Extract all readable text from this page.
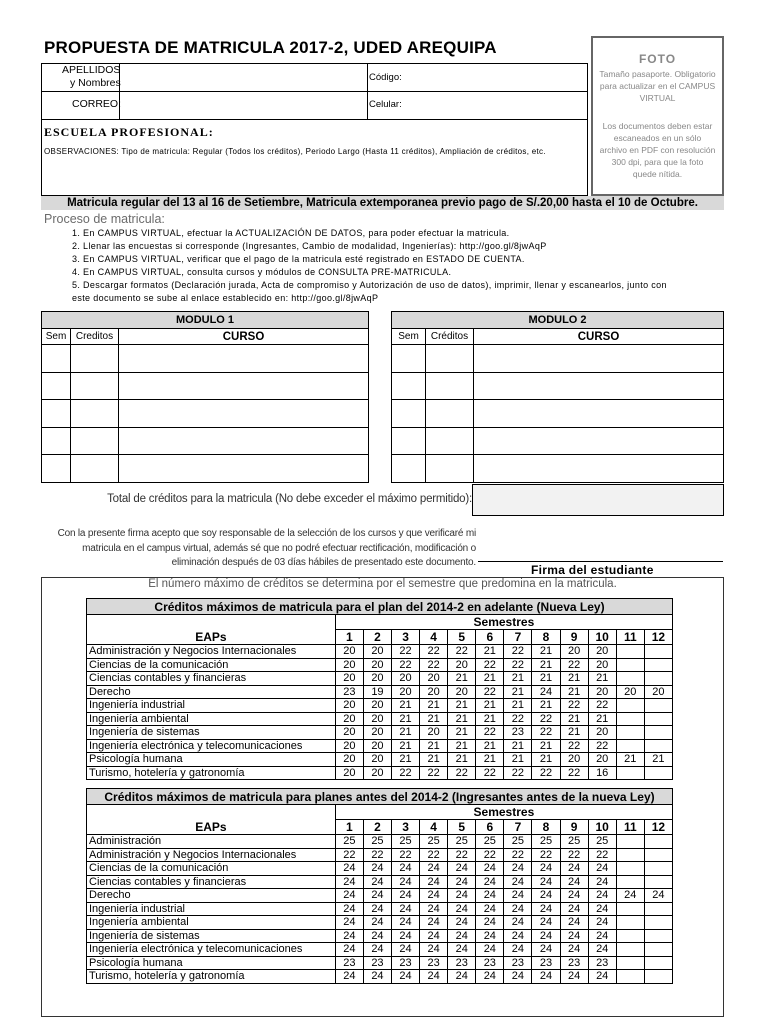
PROPUESTA DE MATRICULA 2017-2, UDED AREQUIPA
FOTO
Tamaño pasaporte. Obligatorio para actualizar en el CAMPUS VIRTUAL
Los documentos deben estar escaneados en un sólo archivo en PDF con resolución 300 dpi, para que la foto quede nítida.
APELLIDOS
y Nombres	Código:
CORREO:	Celular:
ESCUELA PROFESIONAL:
OBSERVACIONES: Tipo de matricula: Regular (Todos los créditos), Periodo Largo (Hasta 11 créditos), Ampliación de créditos, etc.
Matricula regular del 13 al 16 de Setiembre, Matricula extemporanea previo pago de S/.20,00 hasta el 10 de Octubre.
Proceso de matricula:
1. En CAMPUS VIRTUAL, efectuar la ACTUALIZACIÓN DE DATOS, para poder efectuar la matricula.
2. Llenar las encuestas si corresponde (Ingresantes, Cambio de modalidad, Ingenierías): http://goo.gl/8jwAqP
3. En CAMPUS VIRTUAL, verificar que el pago de la matricula esté registrado en ESTADO DE CUENTA.
4. En CAMPUS VIRTUAL, consulta cursos y módulos de CONSULTA PRE-MATRICULA.
5. Descargar formatos (Declaración jurada, Acta de compromiso y Autorización de uso de datos), imprimir, llenar y escanearlos, junto con
este documento se sube al enlace establecido en: http://goo.gl/8jwAqP
MODULO 1		
Sem	Creditos	CURSO

MODULO 2		
Sem	Créditos	CURSO

Total de créditos para la matricula (No debe exceder el máximo permitido):
Con la presente firma acepto que soy responsable de la selección de los cursos y que verificaré mi matricula en el campus virtual, además sé que no podré efectuar rectificación, modificación o eliminación después de 03 días hábiles de presentado este documento.
Firma del estudiante
El número máximo de créditos se determina por el semestre que predomina en la matricula.
Créditos máximos de matricula para el plan del 2014-2 en adelante (Nueva Ley)												
	Semestres											
EAPs	1	2	3	4	5	6	7	8	9	10	11	12
Administración y Negocios Internacionales	20	20	22	22	22	21	22	21	20	20		
Ciencias de la comunicación	20	20	22	22	20	22	22	21	22	20		
Ciencias contables y financieras	20	20	20	20	21	21	21	21	21	21		
Derecho	23	19	20	20	20	22	21	24	21	20	20	20
Ingeniería industrial	20	20	21	21	21	21	21	21	22	22		
Ingeniería ambiental	20	20	21	21	21	21	22	22	21	21		
Ingeniería de sistemas	20	20	21	20	21	22	23	22	21	20		
Ingeniería electrónica y telecomunicaciones	20	20	21	21	21	21	21	21	22	22		
Psicología humana	20	20	21	21	21	21	21	21	20	20	21	21
Turismo, hotelería y gatronomía	20	20	22	22	22	22	22	22	22	16		
Créditos máximos de matricula para planes antes del 2014-2 (Ingresantes antes de la nueva Ley)												
	Semestres											
EAPs	1	2	3	4	5	6	7	8	9	10	11	12
Administración	25	25	25	25	25	25	25	25	25	25		
Administración y Negocios Internacionales	22	22	22	22	22	22	22	22	22	22		
Ciencias de la comunicación	24	24	24	24	24	24	24	24	24	24		
Ciencias contables y financieras	24	24	24	24	24	24	24	24	24	24		
Derecho	24	24	24	24	24	24	24	24	24	24	24	24
Ingeniería industrial	24	24	24	24	24	24	24	24	24	24		
Ingeniería ambiental	24	24	24	24	24	24	24	24	24	24		
Ingeniería de sistemas	24	24	24	24	24	24	24	24	24	24		
Ingeniería electrónica y telecomunicaciones	24	24	24	24	24	24	24	24	24	24		
Psicología humana	23	23	23	23	23	23	23	23	23	23		
Turismo, hotelería y gatronomía	24	24	24	24	24	24	24	24	24	24		
